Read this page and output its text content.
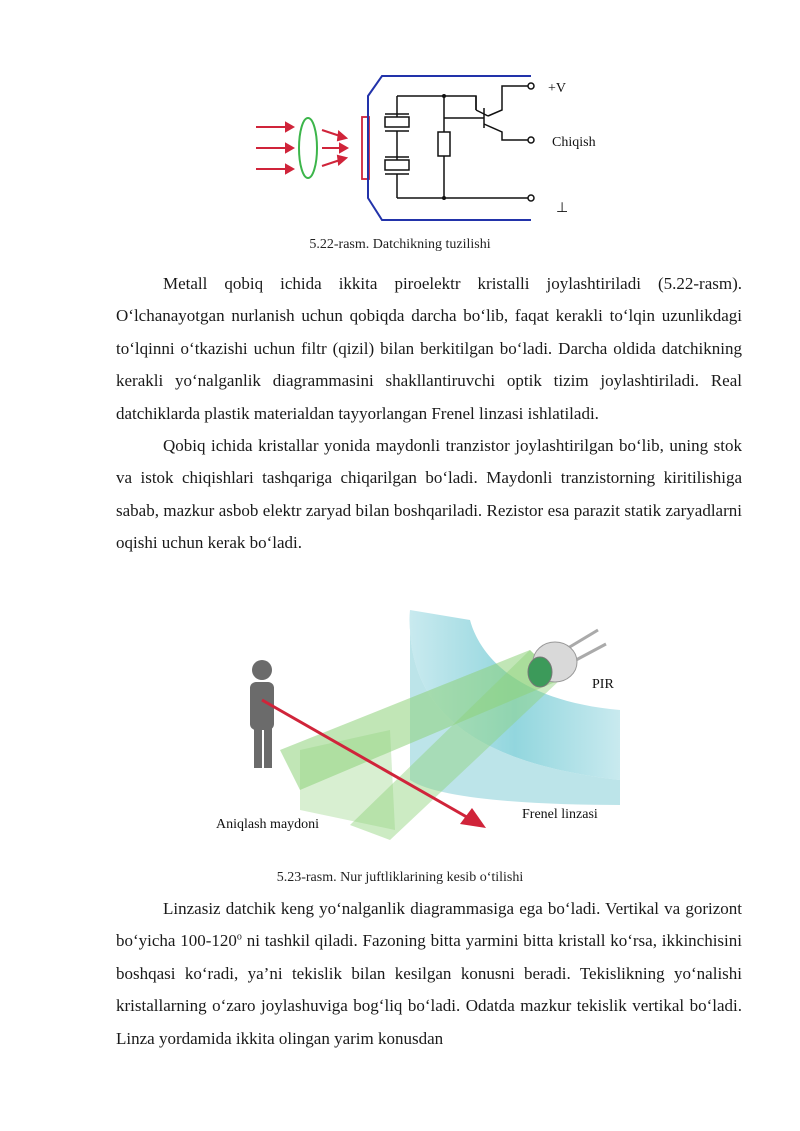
+V
Chiqish
⊥
5.22-rasm. Datchikning tuzilishi

Metall qobiq ichida ikkita piroelektr kristalli joylashtiriladi (5.22-rasm). O‘lchanayotgan nurlanish uchun qobiqda darcha bo‘lib, faqat kerakli to‘lqin uzunlikdagi to‘lqinni o‘tkazishi uchun filtr (qizil) bilan berkitilgan bo‘ladi. Darcha oldida datchikning kerakli yo‘nalganlik diagrammasini shakllantiruvchi optik tizim joylashtiriladi. Real datchiklarda plastik materialdan tayyorlangan Frenel linzasi ishlatiladi.

Qobiq ichida kristallar yonida maydonli tranzistor joylashtirilgan bo‘lib, uning stok va istok chiqishlari tashqariga chiqarilgan bo‘ladi. Maydonli tranzistorning kiritilishiga sabab, mazkur asbob elektr zaryad bilan boshqariladi. Rezistor esa parazit statik zaryadlarni oqishi uchun kerak bo‘ladi.

PIR
Frenel linzasi
Aniqlash maydoni
5.23-rasm. Nur juftliklarining kesib o‘tilishi

Linzasiz datchik keng yo‘nalganlik diagrammasiga ega bo‘ladi. Vertikal va gorizont bo‘yicha 100-120$^o$ ni tashkil qiladi. Fazoning bitta yarmini bitta kristall ko‘rsa, ikkinchisini boshqasi ko‘radi, ya’ni tekislik bilan kesilgan konusni beradi. Tekislikning yo‘nalishi kristallarning o‘zaro joylashuviga bog‘liq bo‘ladi. Odatda mazkur tekislik vertikal bo‘ladi. Linza yordamida ikkita olingan yarim konusdan
